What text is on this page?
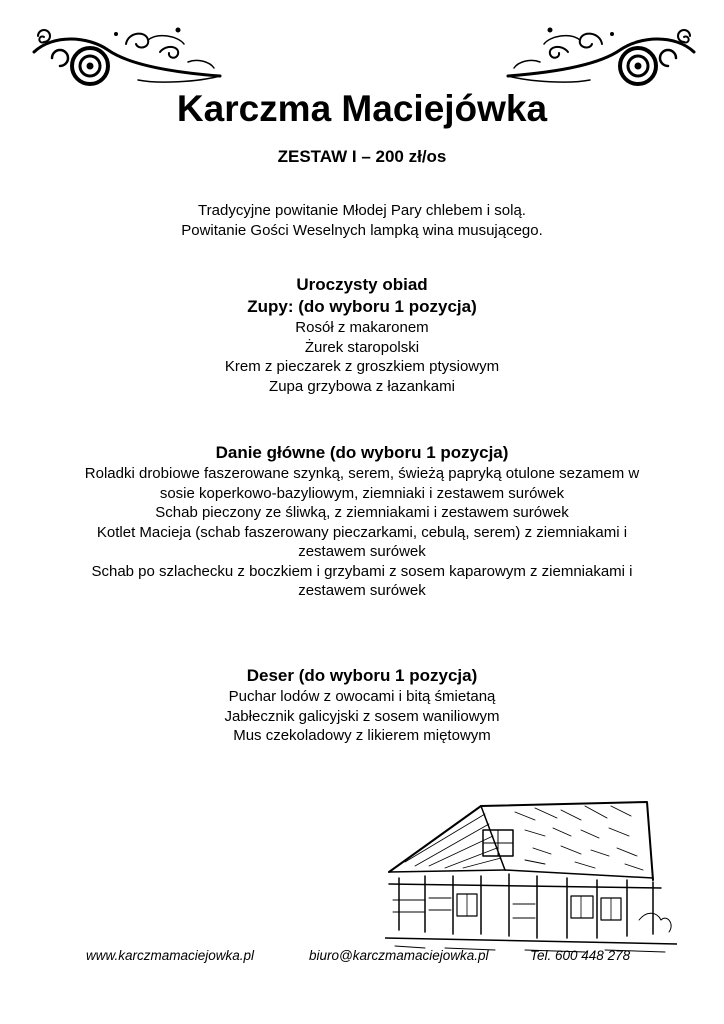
Karczma Maciejówka
ZESTAW I – 200 zł/os
Tradycyjne powitanie Młodej Pary chlebem i solą.
Powitanie Gości Weselnych lampką wina musującego.
Uroczysty obiad
Zupy: (do wyboru 1 pozycja)
Rosół z makaronem
Żurek staropolski
Krem z pieczarek z groszkiem ptysiowym
Zupa grzybowa z łazankami
Danie główne (do wyboru 1 pozycja)
Roladki drobiowe faszerowane szynką, serem, świeżą papryką otulone sezamem w sosie koperkowo-bazyliowym, ziemniaki i zestawem surówek
Schab pieczony ze śliwką, z ziemniakami i zestawem surówek
Kotlet Macieja (schab faszerowany pieczarkami, cebulą, serem) z ziemniakami i zestawem surówek
Schab po szlachecku z boczkiem i grzybami z sosem kaparowym z ziemniakami i zestawem surówek
Deser (do wyboru 1 pozycja)
Puchar lodów z owocami i bitą śmietaną
Jabłecznik galicyjski z sosem waniliowym
Mus czekoladowy z likierem miętowym
www.karczmamaciejowka.pl	biuro@karczmamaciejowka.pl	Tel. 600 448 278
